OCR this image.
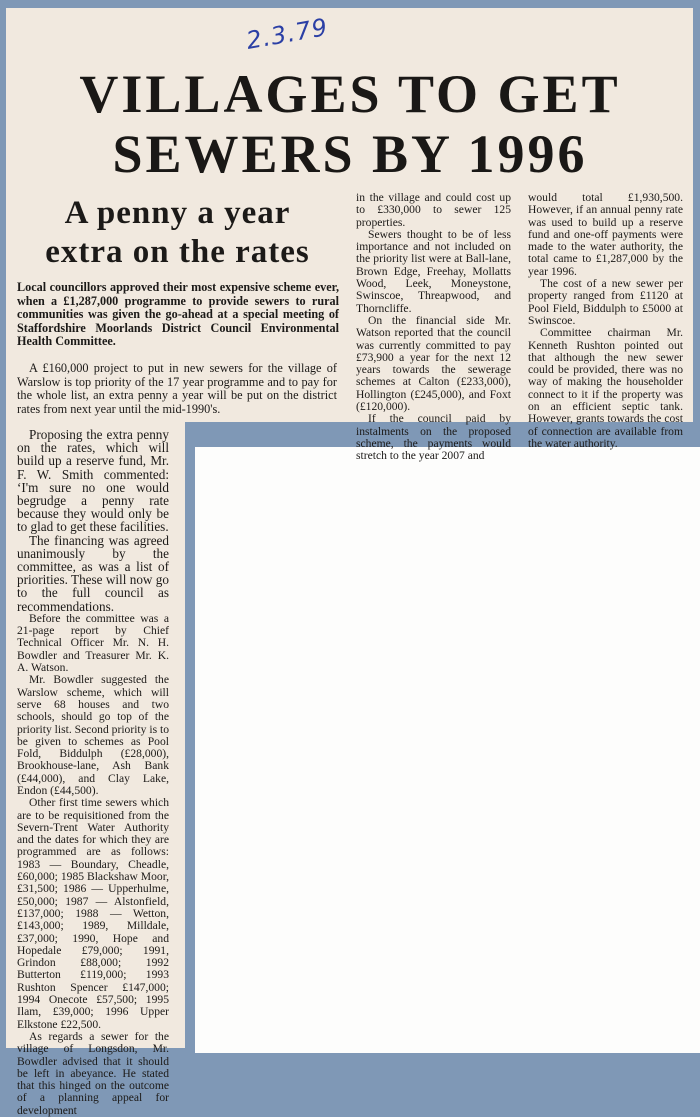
2.3.79
VILLAGES TO GET
SEWERS BY 1996
A penny a year
extra on the rates

Local councillors approved their most expensive scheme ever, when a £1,287,000 programme to provide sewers to rural communities was given the go-ahead at a special meeting of Staffordshire Moorlands District Council Environmental Health Committee.

A £160,000 project to put in new sewers for the village of Warslow is top priority of the 17 year programme and to pay for the whole list, an extra penny a year will be put on the district rates from next year until the mid-1990's.

Proposing the extra penny on the rates, which will build up a reserve fund, Mr. F. W. Smith commented: ‘I'm sure no one would begrudge a penny rate because they would only be to glad to get these facilities.

The financing was agreed unanimously by the committee, as was a list of priorities. These will now go to the full council as recommendations.

Before the committee was a 21-page report by Chief Technical Officer Mr. N. H. Bowdler and Treasurer Mr. K. A. Watson.

Mr. Bowdler suggested the Warslow scheme, which will serve 68 houses and two schools, should go top of the priority list. Second priority is to be given to schemes as Pool Fold, Biddulph (£28,000), Brookhouse-lane, Ash Bank (£44,000), and Clay Lake, Endon (£44,500).

Other first time sewers which are to be requisitioned from the Severn-Trent Water Authority and the dates for which they are programmed are as follows: 1983 — Boundary, Cheadle, £60,000; 1985 Blackshaw Moor, £31,500; 1986 — Upperhulme, £50,000; 1987 — Alstonfield, £137,000; 1988 — Wetton, £143,000; 1989, Milldale, £37,000; 1990, Hope and Hopedale £79,000; 1991, Grindon £88,000; 1992 Butterton £119,000; 1993 Rushton Spencer £147,000; 1994 Onecote £57,500; 1995 Ilam, £39,000; 1996 Upper Elkstone £22,500.

As regards a sewer for the village of Longsdon, Mr. Bowdler advised that it should be left in abeyance. He stated that this hinged on the outcome of a planning appeal for development

in the village and could cost up to £330,000 to sewer 125 properties.

Sewers thought to be of less importance and not included on the priority list were at Ball-lane, Brown Edge, Freehay, Mollatts Wood, Leek, Moneystone, Swinscoe, Threapwood, and Thorncliffe.

On the financial side Mr. Watson reported that the council was currently committed to pay £73,900 a year for the next 12 years towards the sewerage schemes at Calton (£233,000), Hollington (£245,000), and Foxt (£120,000).

If the council paid by instalments on the proposed scheme, the payments would stretch to the year 2007 and

would total £1,930,500. However, if an annual penny rate was used to build up a reserve fund and one-off payments were made to the water authority, the total came to £1,287,000 by the year 1996.

The cost of a new sewer per property ranged from £1120 at Pool Field, Biddulph to £5000 at Swinscoe.

Committee chairman Mr. Kenneth Rushton pointed out that although the new sewer could be provided, there was no way of making the householder connect to it if the property was on an efficient septic tank. However, grants towards the cost of connection are available from the water authority.
